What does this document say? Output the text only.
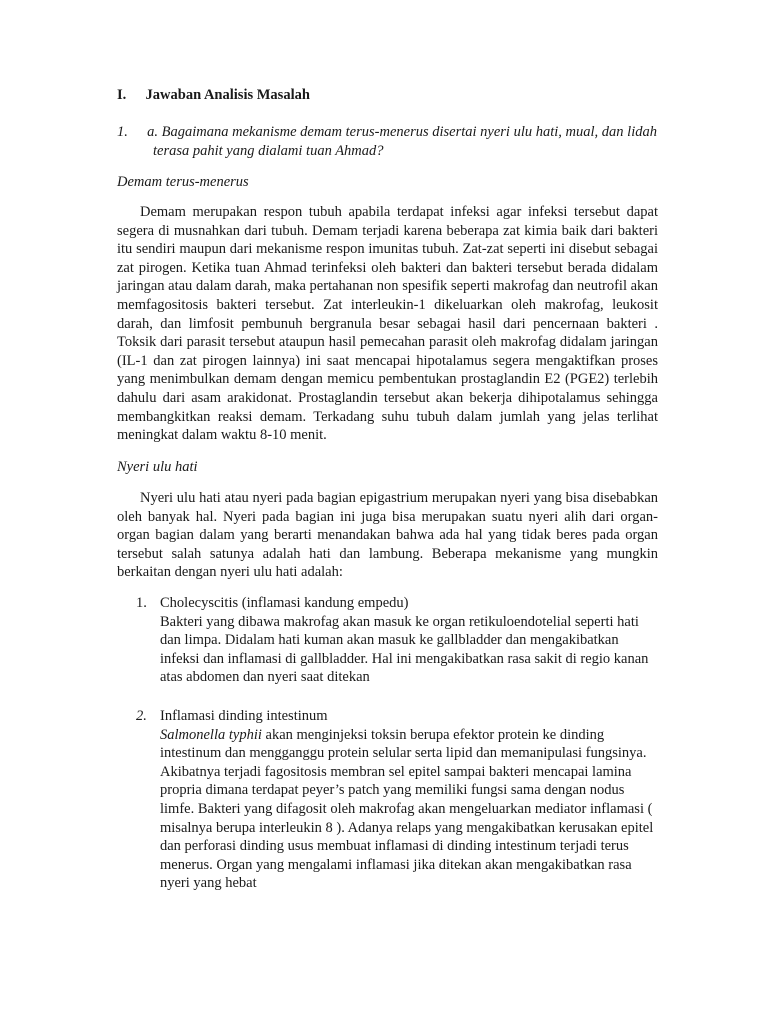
I. Jawaban Analisis Masalah
1. a. Bagaimana mekanisme demam terus-menerus disertai nyeri ulu hati, mual, dan lidah
terasa pahit yang dialami tuan Ahmad?
Demam terus-menerus
Demam merupakan respon tubuh apabila terdapat infeksi agar infeksi tersebut dapat segera di musnahkan dari tubuh. Demam terjadi karena beberapa zat kimia baik dari bakteri itu sendiri maupun dari mekanisme respon imunitas tubuh. Zat-zat seperti ini disebut sebagai zat pirogen. Ketika tuan Ahmad terinfeksi oleh bakteri dan bakteri tersebut berada didalam jaringan atau dalam darah, maka pertahanan non spesifik seperti makrofag dan neutrofil akan memfagositosis bakteri tersebut. Zat interleukin-1 dikeluarkan oleh makrofag, leukosit darah, dan limfosit pembunuh bergranula besar sebagai hasil dari pencernaan bakteri . Toksik dari parasit tersebut ataupun hasil pemecahan parasit oleh makrofag didalam jaringan (IL-1 dan zat pirogen lainnya) ini saat mencapai hipotalamus segera mengaktifkan proses yang menimbulkan demam dengan memicu pembentukan prostaglandin E2 (PGE2) terlebih dahulu dari asam arakidonat. Prostaglandin tersebut akan bekerja dihipotalamus sehingga membangkitkan reaksi demam. Terkadang suhu tubuh dalam jumlah yang jelas terlihat meningkat dalam waktu 8-10 menit.
Nyeri ulu hati
Nyeri ulu hati atau nyeri pada bagian epigastrium merupakan nyeri yang bisa disebabkan oleh banyak hal. Nyeri pada bagian ini juga bisa merupakan suatu nyeri alih dari organ-organ bagian dalam yang berarti menandakan bahwa ada hal yang tidak beres pada organ tersebut salah satunya adalah hati dan lambung. Beberapa mekanisme yang mungkin berkaitan dengan nyeri ulu hati adalah:
1. Cholecyscitis (inflamasi kandung empedu)

Bakteri yang dibawa makrofag akan masuk ke organ retikuloendotelial seperti hati dan limpa. Didalam hati kuman akan masuk ke gallbladder dan mengakibatkan infeksi dan inflamasi di gallbladder. Hal ini mengakibatkan rasa sakit di regio kanan atas abdomen dan nyeri saat ditekan

2. Inflamasi dinding intestinum

Salmonella typhii akan menginjeksi toksin berupa efektor protein ke dinding intestinum dan mengganggu protein selular serta lipid dan memanipulasi fungsinya. Akibatnya terjadi fagositosis membran sel epitel sampai bakteri mencapai lamina propria dimana terdapat peyer’s patch yang memiliki fungsi sama dengan nodus limfe. Bakteri yang difagosit oleh makrofag akan mengeluarkan mediator inflamasi ( misalnya berupa interleukin 8 ). Adanya relaps yang mengakibatkan kerusakan epitel dan perforasi dinding usus membuat inflamasi di dinding intestinum terjadi terus menerus. Organ yang mengalami inflamasi jika ditekan akan mengakibatkan rasa nyeri yang hebat
